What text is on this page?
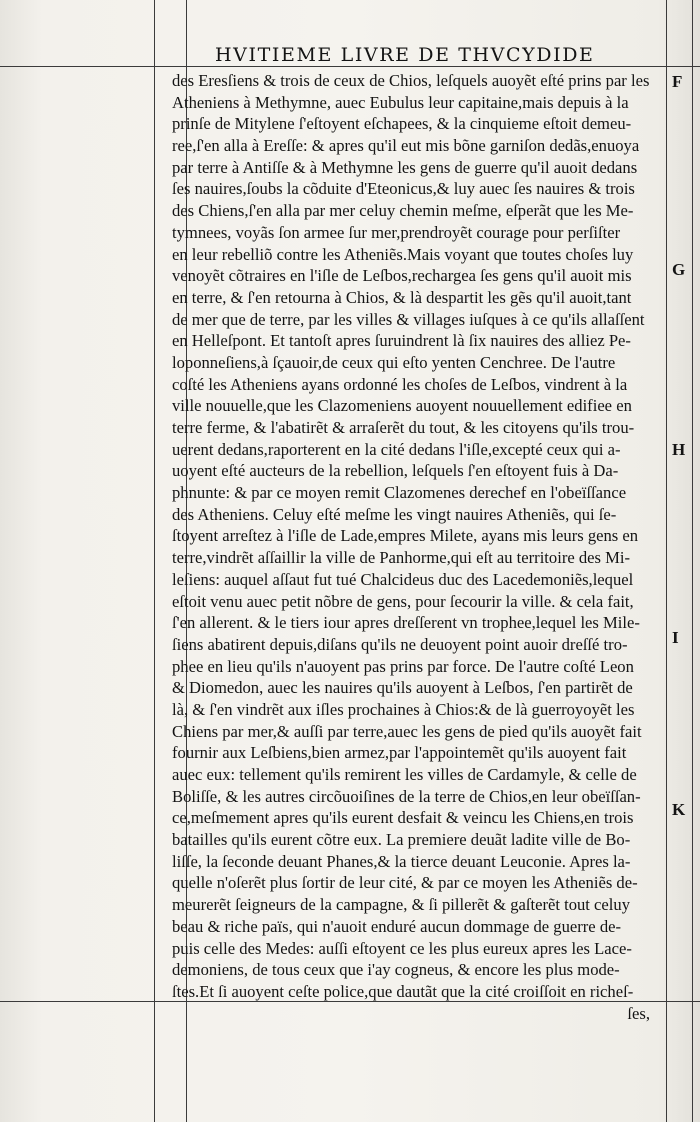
HVITIEME LIVRE DE THVCYDIDE
des Eresſiens & trois de ceux de Chios, leſquels auoyẽt eſté prins par les
Atheniens à Methymne, auec Eubulus leur capitaine,mais depuis à la
prinſe de Mitylene ſ'eſtoyent eſchapees, & la cinquieme eſtoit demeu-
ree,ſ'en alla à Ereſſe: & apres qu'il eut mis bõne garniſon dedãs,enuoya
par terre à Antiſſe & à Methymne les gens de guerre qu'il auoit dedans
ſes nauires,ſoubs la cõduite d'Eteonicus,& luy auec ſes nauires & trois
des Chiens,ſ'en alla par mer celuy chemin meſme, eſperãt que les Me-
tymnees, voyãs ſon armee ſur mer,prendroyẽt courage pour perſiſter
en leur rebelliõ contre les Atheniẽs.Mais voyant que toutes choſes luy
venoyẽt cõtraires en l'iſle de Leſbos,rechargea ſes gens qu'il auoit mis
en terre, & ſ'en retourna à Chios, & là despartit les gẽs qu'il auoit,tant
de mer que de terre, par les villes & villages iuſques à ce qu'ils allaſſent
en Helleſpont. Et tantoſt apres ſuruindrent là ſix nauires des alliez Pe-
loponneſiens,à ſçauoir,de ceux qui eſto yenten Cenchree. De l'autre
coſté les Atheniens ayans ordonné les choſes de Leſbos, vindrent à la
ville nouuelle,que les Clazomeniens auoyent nouuellement edifiee en
terre ferme, & l'abatirẽt & arraſerẽt du tout, & les citoyens qu'ils trou-
uerent dedans,raporterent en la cité dedans l'iſle,excepté ceux qui a-
uoyent eſté aucteurs de la rebellion, leſquels ſ'en eſtoyent fuis à Da-
phnunte: & par ce moyen remit Clazomenes derechef en l'obeïſſance
des Atheniens. Celuy eſté meſme les vingt nauires Atheniẽs, qui ſe-
ſtoyent arreſtez à l'iſle de Lade,empres Milete, ayans mis leurs gens en
terre,vindrẽt aſſaillir la ville de Panhorme,qui eſt au territoire des Mi-
leſiens: auquel aſſaut fut tué Chalcideus duc des Lacedemoniẽs,lequel
eſtoit venu auec petit nõbre de gens, pour ſecourir la ville. & cela fait,
ſ'en allerent. & le tiers iour apres dreſſerent vn trophee,lequel les Mile-
ſiens abatirent depuis,diſans qu'ils ne deuoyent point auoir dreſſé tro-
phee en lieu qu'ils n'auoyent pas prins par force. De l'autre coſté Leon
& Diomedon, auec les nauires qu'ils auoyent à Leſbos, ſ'en partirẽt de
là, & ſ'en vindrẽt aux iſles prochaines à Chios:& de là guerroyoyẽt les
Chiens par mer,& auſſi par terre,auec les gens de pied qu'ils auoyẽt fait
fournir aux Leſbiens,bien armez,par l'appointemẽt qu'ils auoyent fait
auec eux: tellement qu'ils remirent les villes de Cardamyle, & celle de
Boliſſe, & les autres circõuoiſines de la terre de Chios,en leur obeïſſan-
ce,meſmement apres qu'ils eurent desfait & veincu les Chiens,en trois
batailles qu'ils eurent cõtre eux. La premiere deuãt ladite ville de Bo-
liſſe, la ſeconde deuant Phanes,& la tierce deuant Leuconie. Apres la-
quelle n'oſerẽt plus ſortir de leur cité, & par ce moyen les Atheniẽs de-
meurerẽt ſeigneurs de la campagne, & ſi pillerẽt & gaſterẽt tout celuy
beau & riche païs, qui n'auoit enduré aucun dommage de guerre de-
puis celle des Medes: auſſi eſtoyent ce les plus eureux apres les Lace-
demoniens, de tous ceux que i'ay cogneus, & encore les plus mode-
ſtes.Et ſi auoyent ceſte police,que dautãt que la cité croiſſoit en richeſ-
ſes,
F
G
H
I
K
